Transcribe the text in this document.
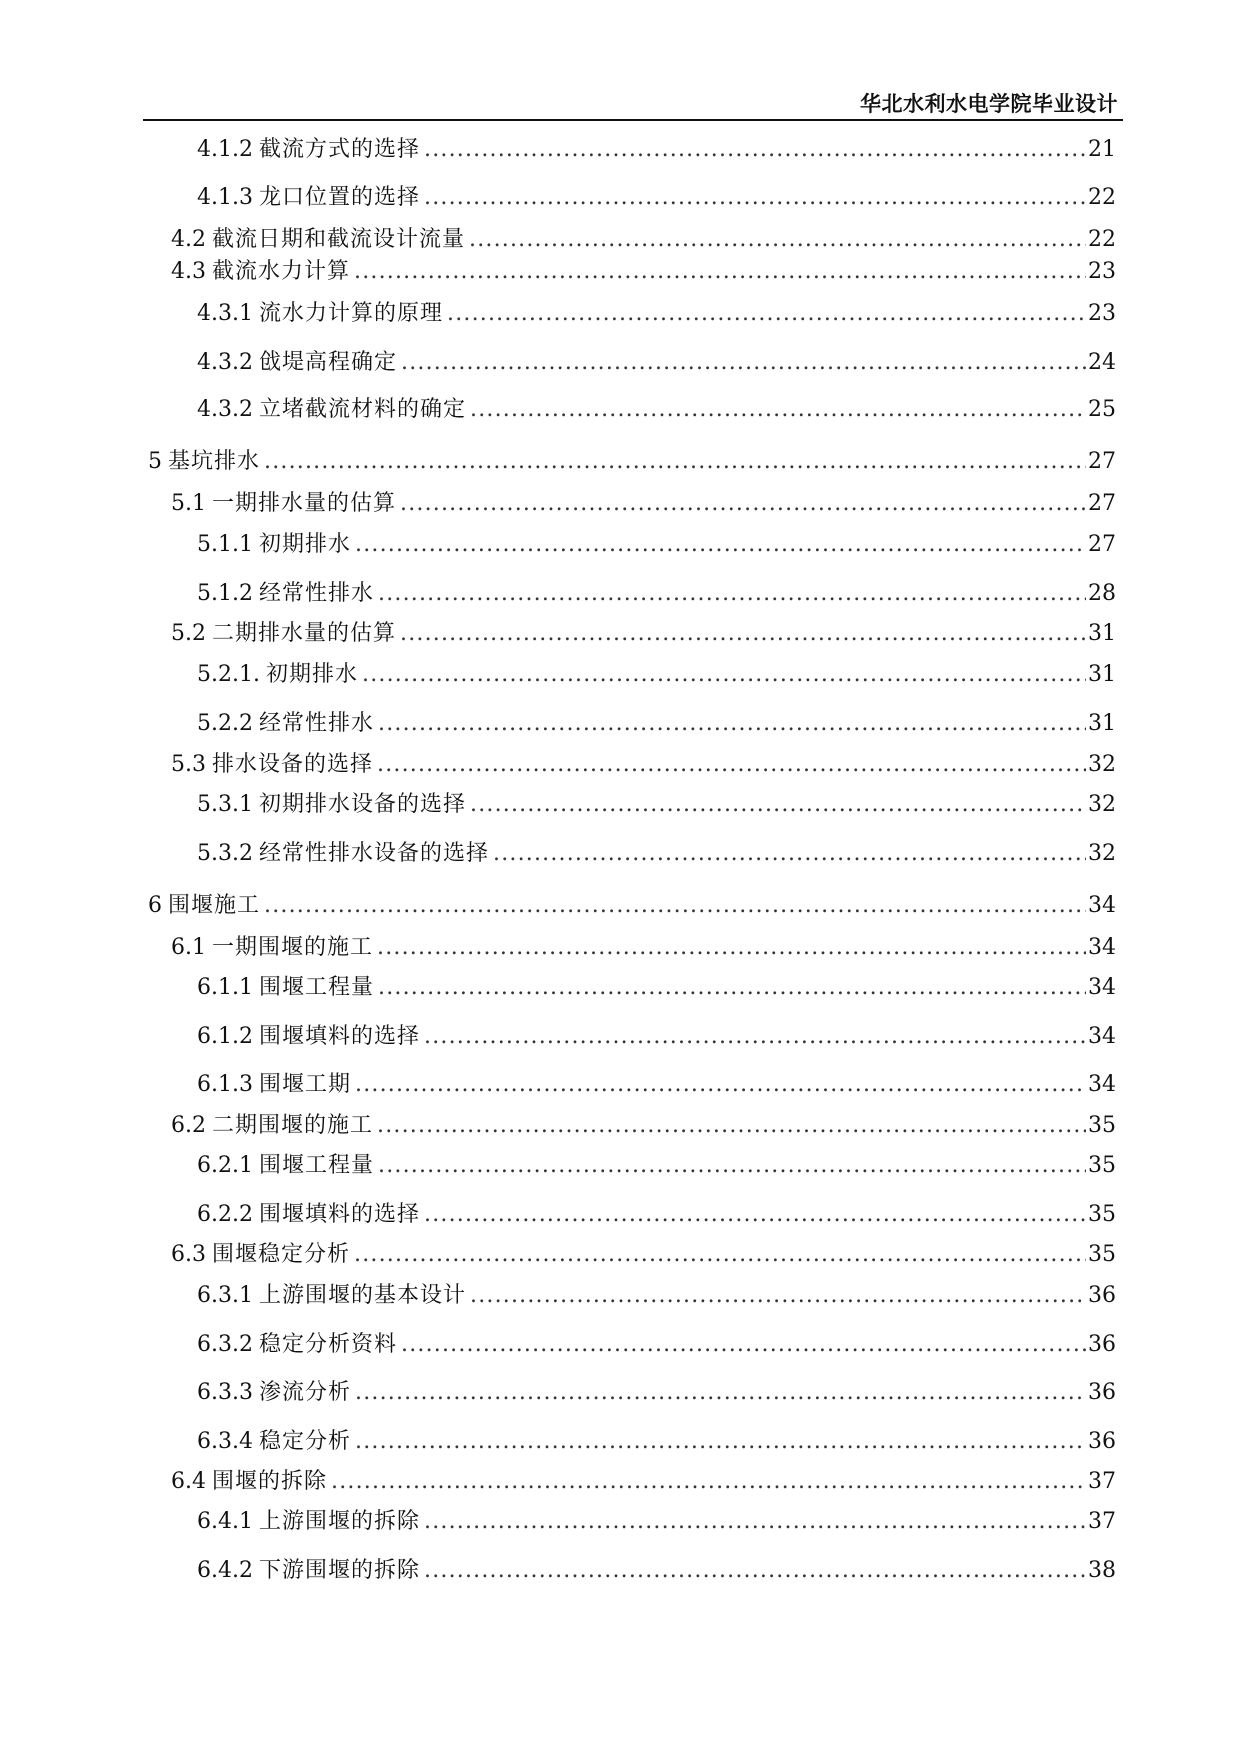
华北水利水电学院毕业设计
4.1.2 截流方式的选择 .....	21
4.1.3 龙口位置的选择 .....	22
4.2 截流日期和截流设计流量 .....	22
4.3 截流水力计算 .....	23
4.3.1 流水力计算的原理 .....	23
4.3.2 戗堤高程确定 .....	24
4.3.2 立堵截流材料的确定 .....	25
5 基坑排水 .....	27
5.1 一期排水量的估算 .....	27
5.1.1 初期排水 .....	27
5.1.2 经常性排水 .....	28
5.2 二期排水量的估算 .....	31
5.2.1. 初期排水 .....	31
5.2.2 经常性排水 .....	31
5.3 排水设备的选择 .....	32
5.3.1 初期排水设备的选择 .....	32
5.3.2 经常性排水设备的选择 .....	32
6 围堰施工 .....	34
6.1 一期围堰的施工 .....	34
6.1.1 围堰工程量 .....	34
6.1.2 围堰填料的选择 .....	34
6.1.3 围堰工期 .....	34
6.2 二期围堰的施工 .....	35
6.2.1 围堰工程量 .....	35
6.2.2 围堰填料的选择 .....	35
6.3 围堰稳定分析 .....	35
6.3.1 上游围堰的基本设计 .....	36
6.3.2 稳定分析资料 .....	36
6.3.3 渗流分析 .....	36
6.3.4 稳定分析 .....	36
6.4 围堰的拆除 .....	37
6.4.1 上游围堰的拆除 .....	37
6.4.2 下游围堰的拆除 .....	38
